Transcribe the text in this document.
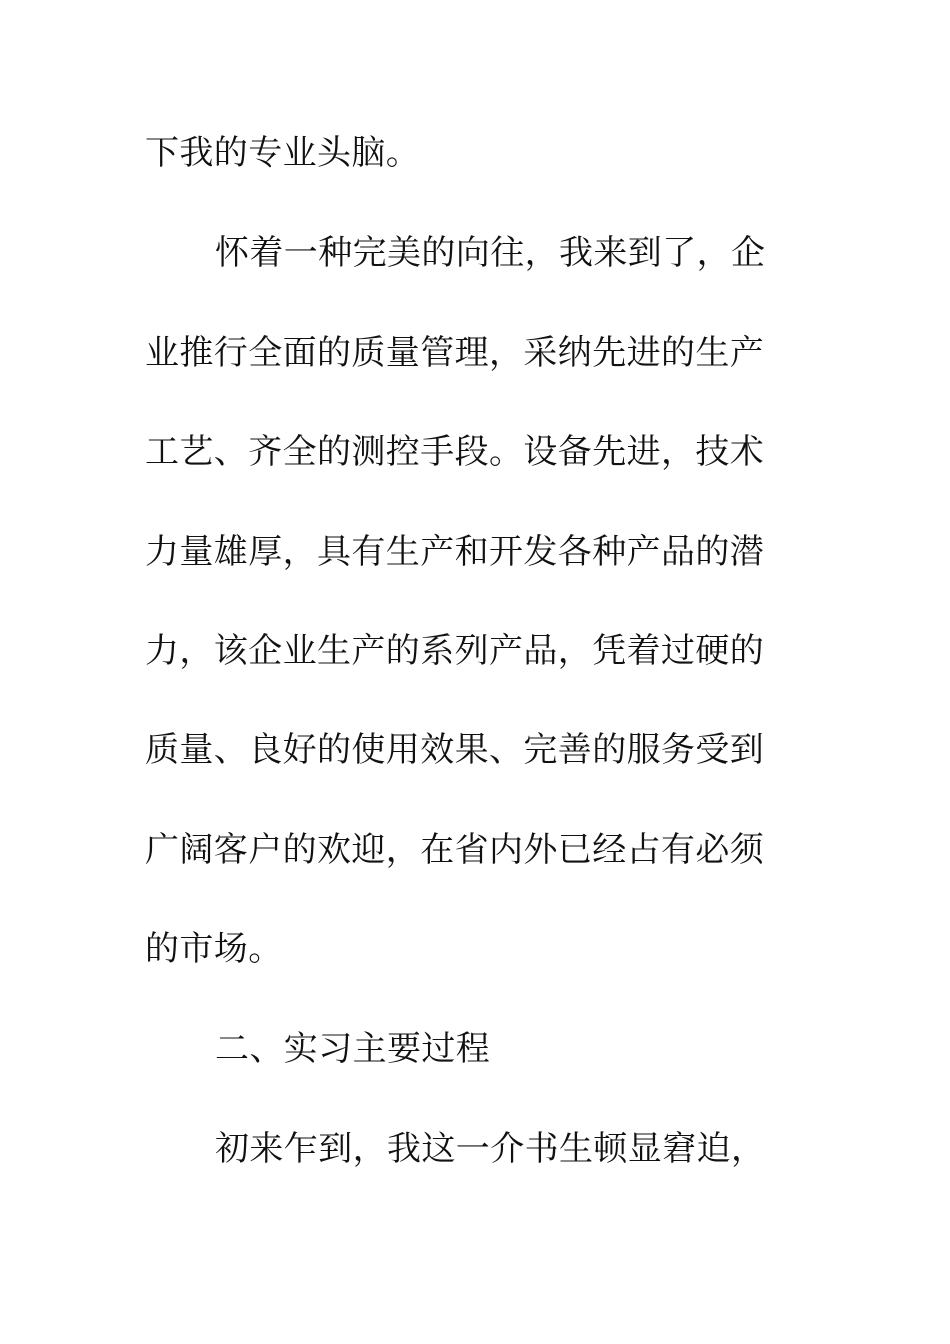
下我的专业头脑。
怀着一种完美的向往，我来到了，企
业推行全面的质量管理，采纳先进的生产
工艺、齐全的测控手段。设备先进，技术
力量雄厚，具有生产和开发各种产品的潜
力，该企业生产的系列产品，凭着过硬的
质量、良好的使用效果、完善的服务受到
广阔客户的欢迎，在省内外已经占有必须
的市场。
二、实习主要过程
初来乍到，我这一介书生顿显窘迫，
